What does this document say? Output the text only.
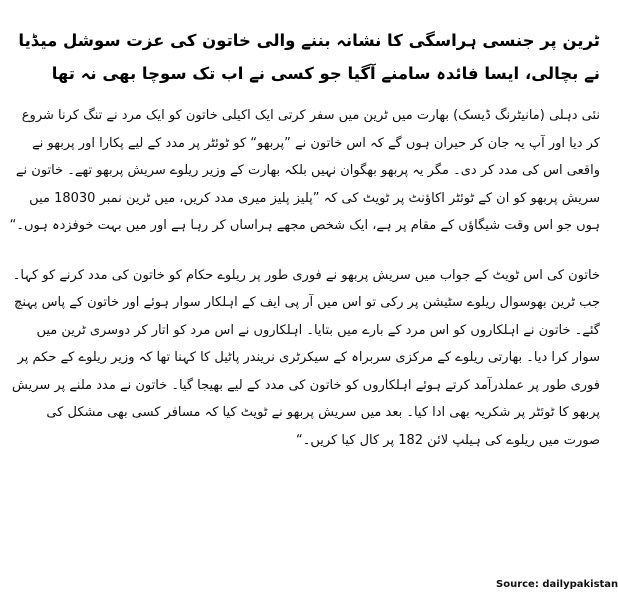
ٹرین پر جنسی ہراسگی کا نشانہ بننے والی خاتون کی عزت سوشل میڈیا نے بچالی، ایسا فائدہ سامنے آگیا جو کسی نے اب تک سوچا بھی نہ تھا

نئی دہلی (مانیٹرنگ ڈیسک) بھارت میں ٹرین میں سفر کرتی ایک اکیلی خاتون کو ایک مرد نے تنگ کرنا شروع کر دیا اور آپ یہ جان کر حیران ہوں گے کہ اس خاتون نے ”پربھو“ کو ٹوئٹر پر مدد کے لیے پکارا اور پربھو نے واقعی اس کی مدد کر دی۔ مگر یہ پربھو بھگوان نہیں بلکہ بھارت کے وزیر ریلوے سریش پربھو تھے۔ خاتون نے سریش پربھو کو ان کے ٹوئٹر اکاﺅنٹ پر ٹویٹ کی کہ ”پلیز پلیز میری مدد کریں، میں ٹرین نمبر 18030 میں ہوں جو اس وقت شیگاﺅں کے مقام پر ہے، ایک شخص مجھے ہراساں کر رہا ہے اور میں بہت خوفزدہ ہوں۔“

خاتون کی اس ٹویٹ کے جواب میں سریش پربھو نے فوری طور پر ریلوے حکام کو خاتون کی مدد کرنے کو کہا۔ جب ٹرین بھوسوال ریلوے سٹیشن پر رکی تو اس میں آر پی ایف کے اہلکار سوار ہوئے اور خاتون کے پاس پہنچ گئے۔ خاتون نے اہلکاروں کو اس مرد کے بارے میں بتایا۔ اہلکاروں نے اس مرد کو اتار کر دوسری ٹرین میں سوار کرا دیا۔ بھارتی ریلوے کے مرکزی سربراہ کے سیکرٹری نریندر پاٹیل کا کہنا تھا کہ وزیر ریلوے کے حکم پر فوری طور پر عملدرآمد کرتے ہوئے اہلکاروں کو خاتون کی مدد کے لیے بھیجا گیا۔ خاتون نے مدد ملنے پر سریش پربھو کا ٹوئٹر پر شکریہ بھی ادا کیا۔ بعد میں سریش پربھو نے ٹویٹ کیا کہ مسافر کسی بھی مشکل کی صورت میں ریلوے کی ہیلپ لائن 182 پر کال کیا کریں۔“

Source: dailypakistan
